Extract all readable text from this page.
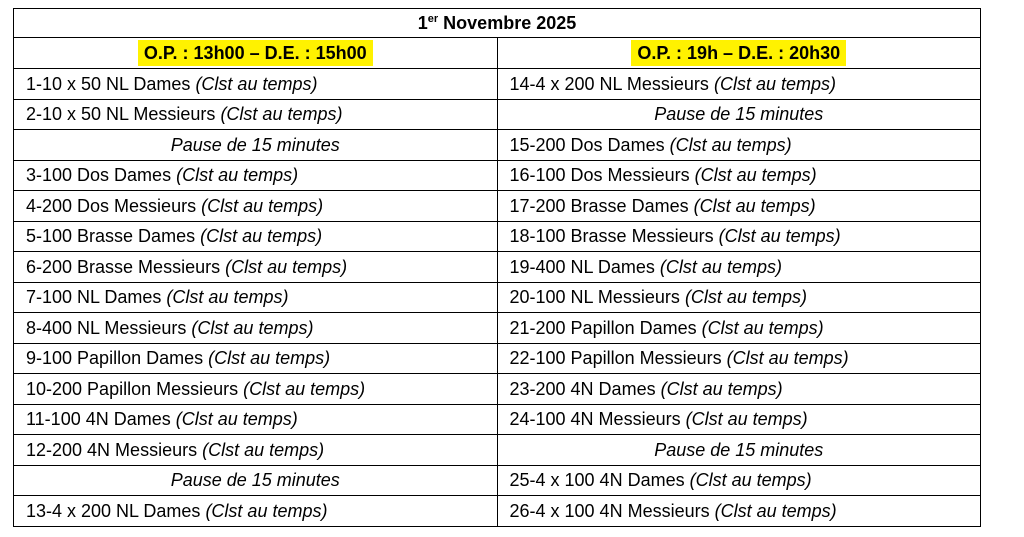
1er Novembre 2025	
O.P. : 13h00 – D.E. : 15h00	O.P. : 19h – D.E. : 20h30
1-10 x 50 NL Dames (Clst au temps)	14-4 x 200 NL Messieurs (Clst au temps)
2-10 x 50 NL Messieurs (Clst au temps)	Pause de 15 minutes
Pause de 15 minutes	15-200 Dos Dames (Clst au temps)
3-100 Dos Dames (Clst au temps)	16-100 Dos Messieurs (Clst au temps)
4-200 Dos Messieurs (Clst au temps)	17-200 Brasse Dames (Clst au temps)
5-100 Brasse Dames (Clst au temps)	18-100 Brasse Messieurs (Clst au temps)
6-200 Brasse Messieurs (Clst au temps)	19-400 NL Dames (Clst au temps)
7-100 NL Dames (Clst au temps)	20-100 NL Messieurs (Clst au temps)
8-400 NL Messieurs (Clst au temps)	21-200 Papillon Dames (Clst au temps)
9-100 Papillon Dames (Clst au temps)	22-100 Papillon Messieurs (Clst au temps)
10-200 Papillon Messieurs (Clst au temps)	23-200 4N Dames (Clst au temps)
11-100 4N Dames (Clst au temps)	24-100 4N Messieurs (Clst au temps)
12-200 4N Messieurs (Clst au temps)	Pause de 15 minutes
Pause de 15 minutes	25-4 x 100 4N Dames (Clst au temps)
13-4 x 200 NL Dames (Clst au temps)	26-4 x 100 4N Messieurs (Clst au temps)
